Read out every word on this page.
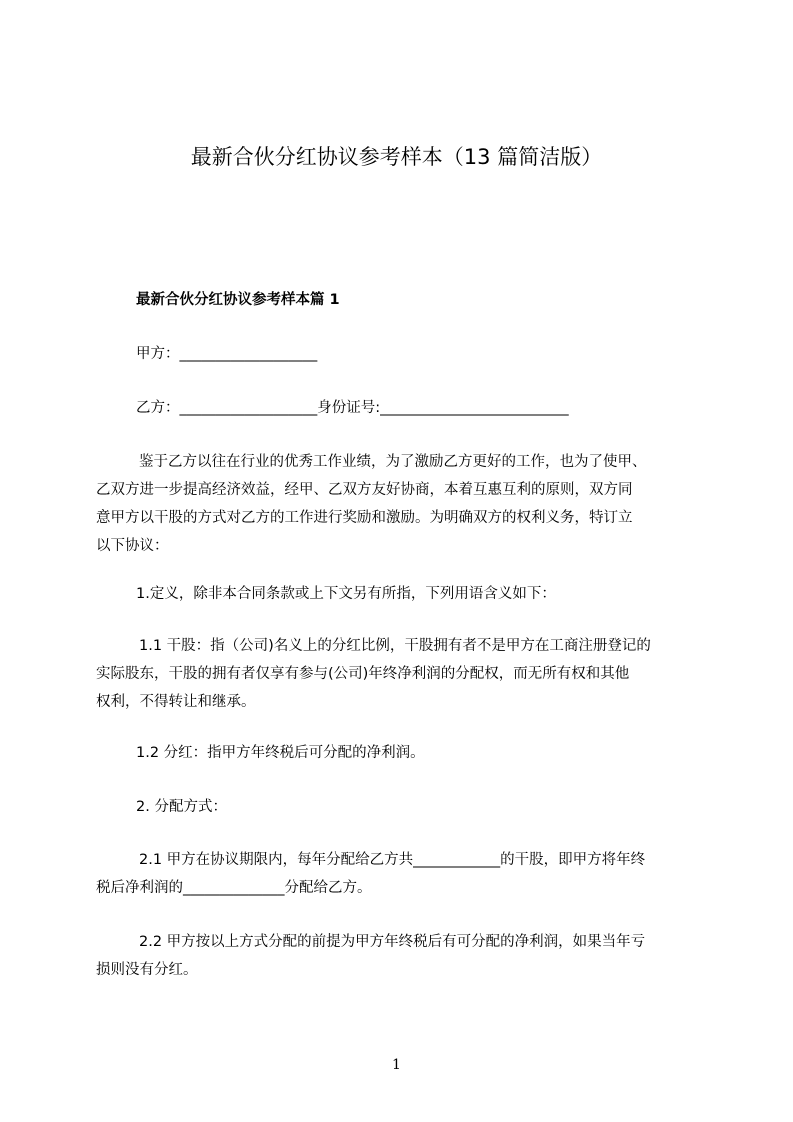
最新合伙分红协议参考样本（13 篇简洁版）
最新合伙分红协议参考样本篇 1
甲方：___________________
乙方：___________________身份证号:__________________________
鉴于乙方以往在行业的优秀工作业绩，为了激励乙方更好的工作，也为了使甲、
乙双方进一步提高经济效益，经甲、乙双方友好协商，本着互惠互利的原则，双方同
意甲方以干股的方式对乙方的工作进行奖励和激励。为明确双方的权利义务，特订立
以下协议：
1.定义，除非本合同条款或上下文另有所指，下列用语含义如下：
1.1 干股：指（公司)名义上的分红比例，干股拥有者不是甲方在工商注册登记的
实际股东，干股的拥有者仅享有参与(公司)年终净利润的分配权，而无所有权和其他
权利，不得转让和继承。
1.2 分红：指甲方年终税后可分配的净利润。
2. 分配方式：
2.1 甲方在协议期限内，每年分配给乙方共____________的干股，即甲方将年终
税后净利润的______________分配给乙方。
2.2 甲方按以上方式分配的前提为甲方年终税后有可分配的净利润，如果当年亏
损则没有分红。
1
